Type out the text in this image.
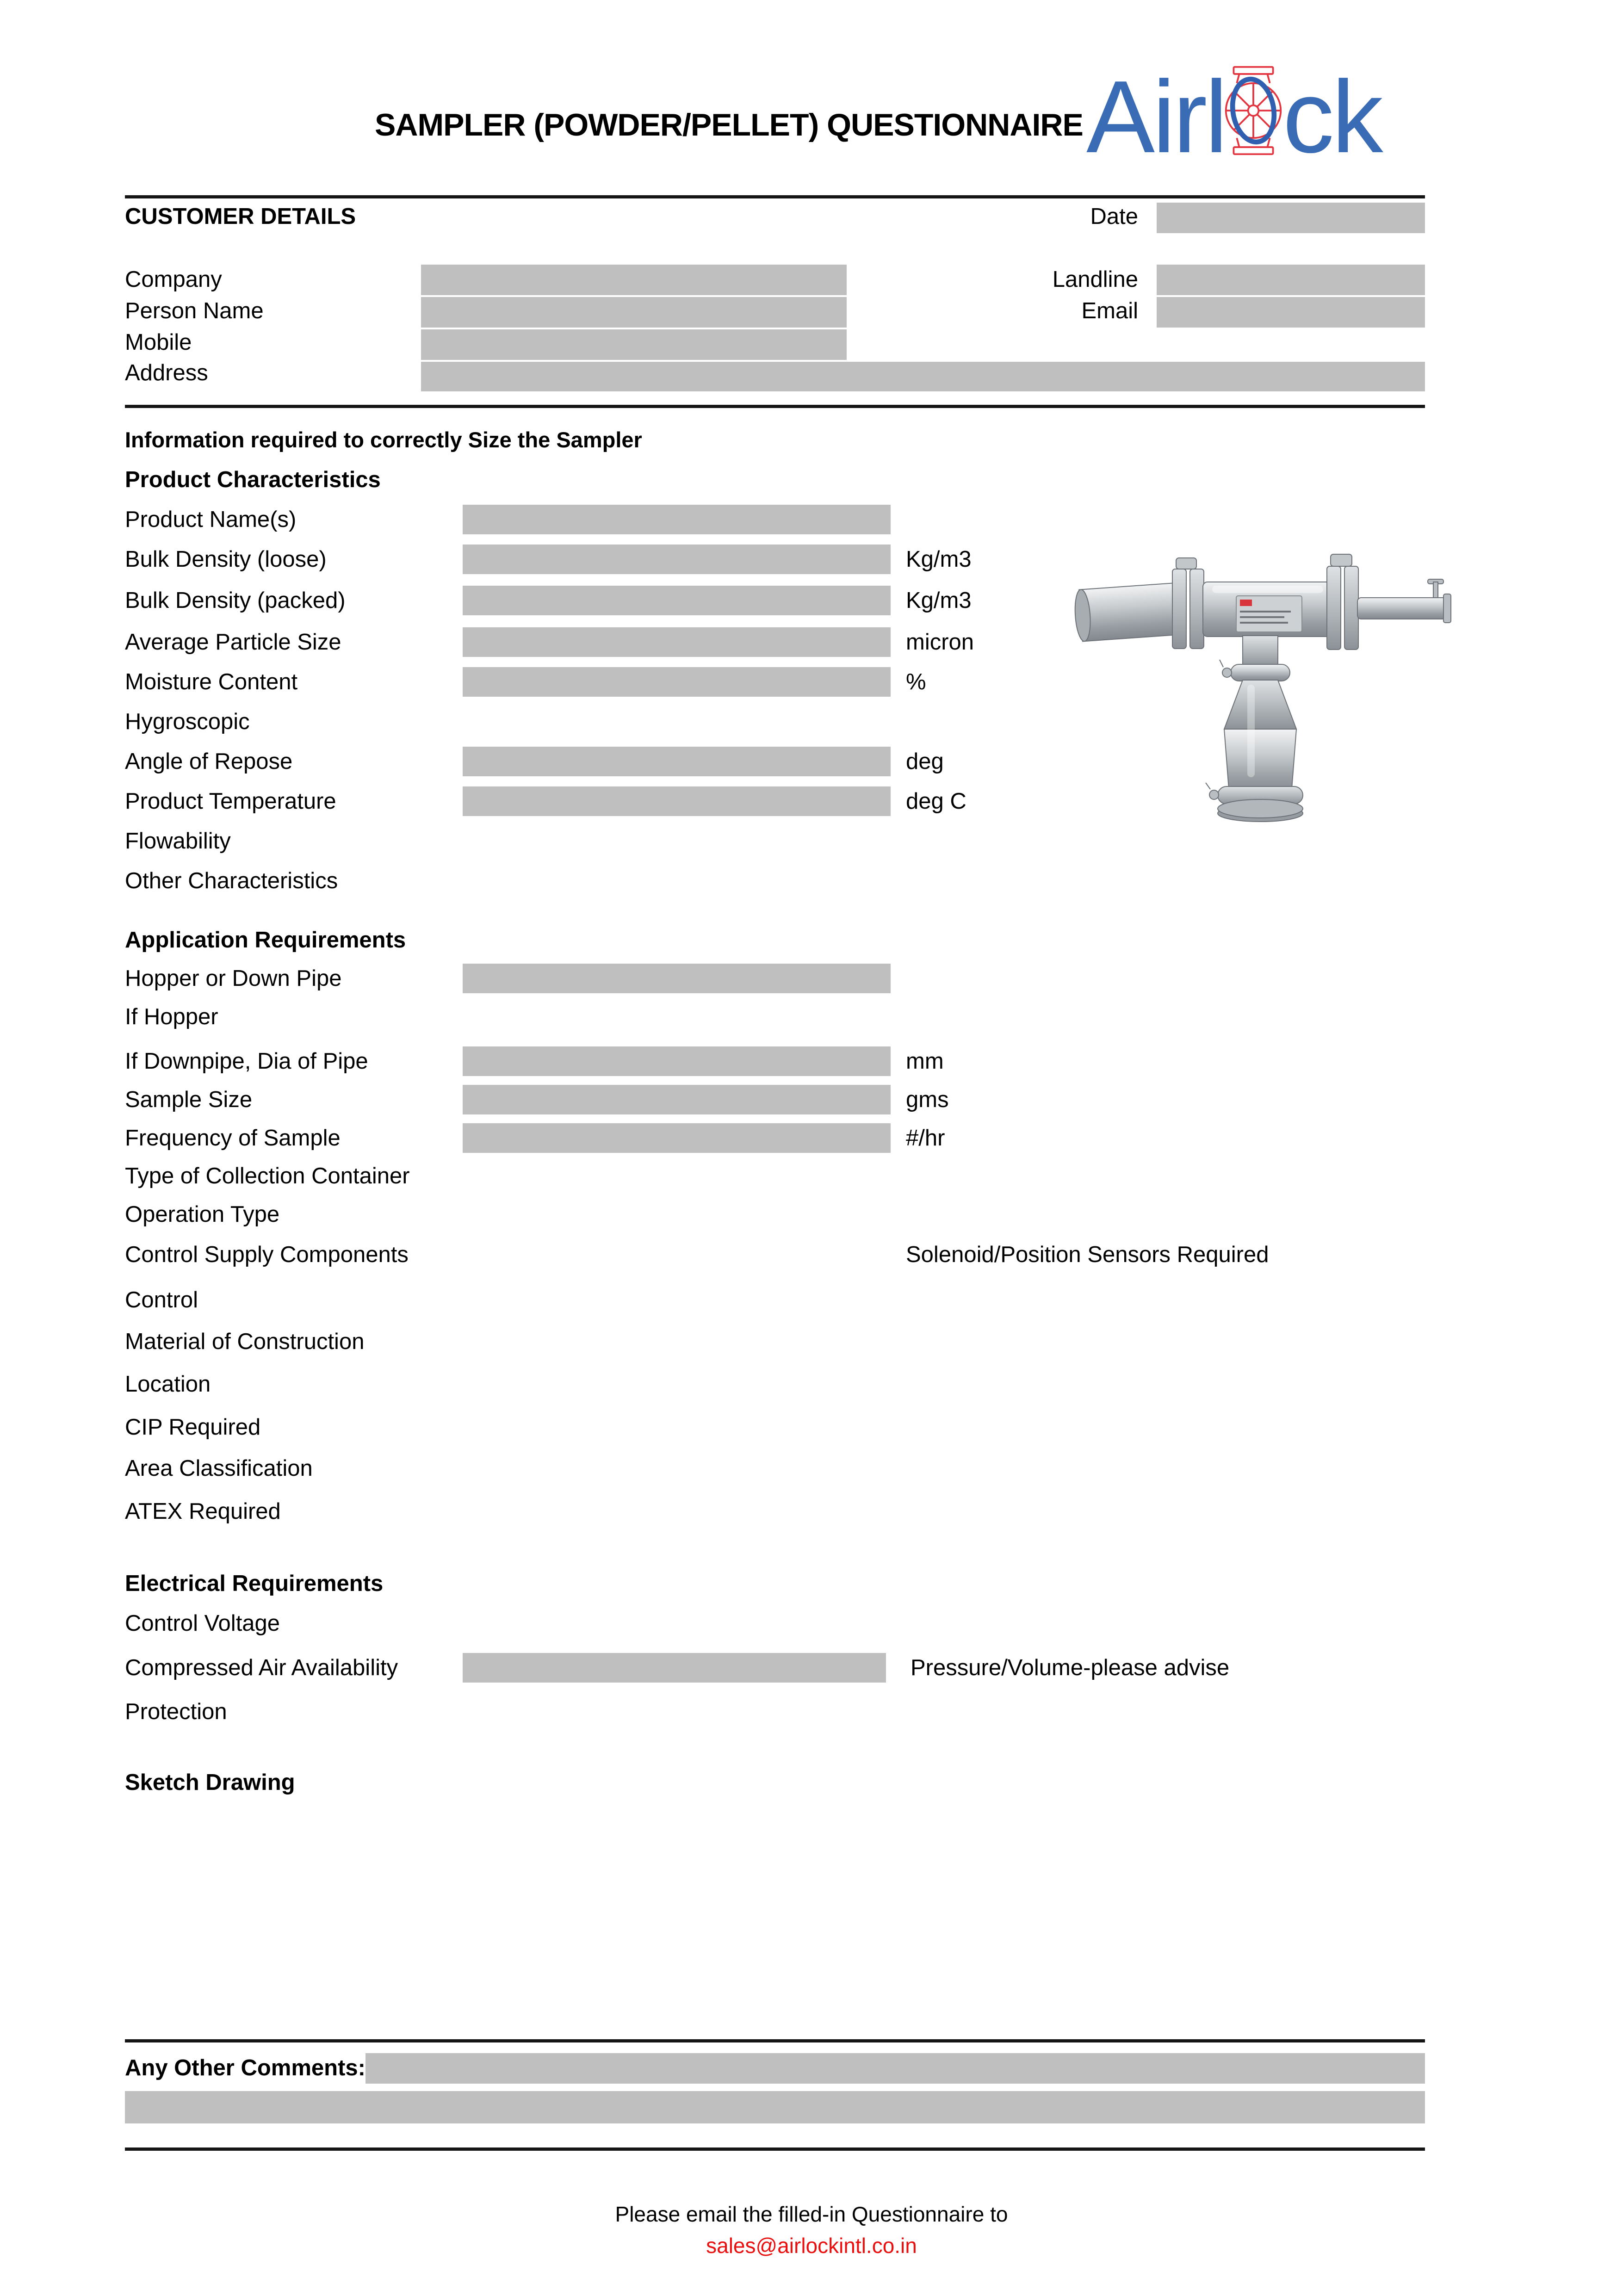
SAMPLER (POWDER/PELLET) QUESTIONNAIRE Airl ck
CUSTOMER DETAILS	Date
Company
Person Name
Mobile
Address
Landline
Email
Information required to correctly Size the Sampler
Product Characteristics
Product Name(s)
Bulk Density (loose)	Kg/m3
Bulk Density (packed)	Kg/m3
Average Particle Size	micron
Moisture Content	%
Hygroscopic
Angle of Repose	deg
Product Temperature	deg C
Flowability
Other Characteristics
Application Requirements
Hopper or Down Pipe
If Hopper
If Downpipe, Dia of Pipe	mm
Sample Size	gms
Frequency of Sample	#/hr
Type of Collection Container
Operation Type
Control Supply Components	Solenoid/Position Sensors Required
Control
Material of Construction
Location
CIP Required
Area Classification
ATEX Required
Electrical Requirements
Control Voltage
Compressed Air Availability	Pressure/Volume-please advise
Protection
Sketch Drawing
Any Other Comments:
Please email the filled-in Questionnaire to
sales@airlockintl.co.in
